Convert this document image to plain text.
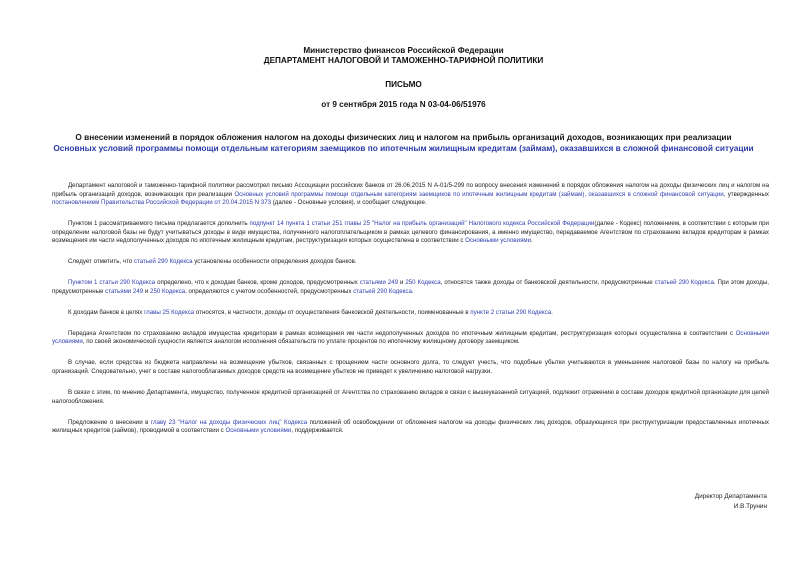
Министерство финансов Российской Федерации
ДЕПАРТАМЕНТ НАЛОГОВОЙ И ТАМОЖЕННО-ТАРИФНОЙ ПОЛИТИКИ
ПИСЬМО
от 9 сентября 2015 года N 03-04-06/51976
О внесении изменений в порядок обложения налогом на доходы физических лиц и налогом на прибыль организаций доходов, возникающих при реализации
Основных условий программы помощи отдельным категориям заемщиков по ипотечным жилищным кредитам (займам), оказавшихся в сложной финансовой ситуации

Департамент налоговой и таможенно-тарифной политики рассмотрел письмо Ассоциации российских банков от 26.06.2015 N А-01/5-299 по вопросу внесения изменений в порядок обложения налогом на доходы физических лиц и налогом на прибыль организаций доходов, возникающих при реализации Основных условий программы помощи отдельным категориям заемщиков по ипотечным жилищным кредитам (займам), оказавшихся в сложной финансовой ситуации, утвержденных постановлением Правительства Российской Федерации от 20.04.2015 N 373 (далее - Основные условия), и сообщает следующее.

Пунктом 1 рассматриваемого письма предлагается дополнить подпункт 14 пункта 1 статьи 251 главы 25 "Налог на прибыль организаций" Налогового кодекса Российской Федерации(далее - Кодекс) положением, в соответствии с которым при определении налоговой базы не будут учитываться доходы в виде имущества, полученного налогоплательщиком в рамках целевого финансирования, а именно имущество, передаваемое Агентством по страхованию вкладов кредиторам в рамках возмещения им части недополученных доходов по ипотечным жилищным кредитам, реструктуризация которых осуществлена в соответствии с Основными условиями.

Следует отметить, что статьей 290 Кодекса установлены особенности определения доходов банков.

Пунктом 1 статьи 290 Кодекса определено, что к доходам банков, кроме доходов, предусмотренных статьями 249 и 250 Кодекса, относятся также доходы от банковской деятельности, предусмотренные статьей 290 Кодекса. При этом доходы, предусмотренные статьями 249 и 250 Кодекса, определяются с учетом особенностей, предусмотренных статьей 290 Кодекса.

К доходам банков в целях главы 25 Кодекса относятся, в частности, доходы от осуществления банковской деятельности, поименованные в пункте 2 статьи 290 Кодекса.

Передача Агентством по страхованию вкладов имущества кредиторам в рамках возмещения им части недополученных доходов по ипотечным жилищным кредитам, реструктуризация которых осуществлена в соответствии с Основными условиями, по своей экономической сущности является аналогом исполнения обязательств по уплате процентов по ипотечному жилищному договору заемщиком.

В случае, если средства из бюджета направлены на возмещение убытков, связанных с прощением части основного долга, то следует учесть, что подобные убытки учитываются в уменьшение налоговой базы по налогу на прибыль организаций. Следовательно, учет в составе налогооблагаемых доходов средств на возмещение убытков не приведет к увеличению налоговой нагрузки.

В связи с этим, по мнению Департамента, имущество, полученное кредитной организацией от Агентства по страхованию вкладов в связи с вышеуказанной ситуацией, подлежит отражению в составе доходов кредитной организации для целей налогообложения.

Предложение о внесении в главу 23 "Налог на доходы физических лиц" Кодекса положений об освобождении от обложения налогом на доходы физических лиц доходов, образующихся при реструктуризации предоставленных ипотечных жилищных кредитов (займов), проводимой в соответствии с Основными условиями, поддерживается.

Директор Департамента
И.В.Трунин
